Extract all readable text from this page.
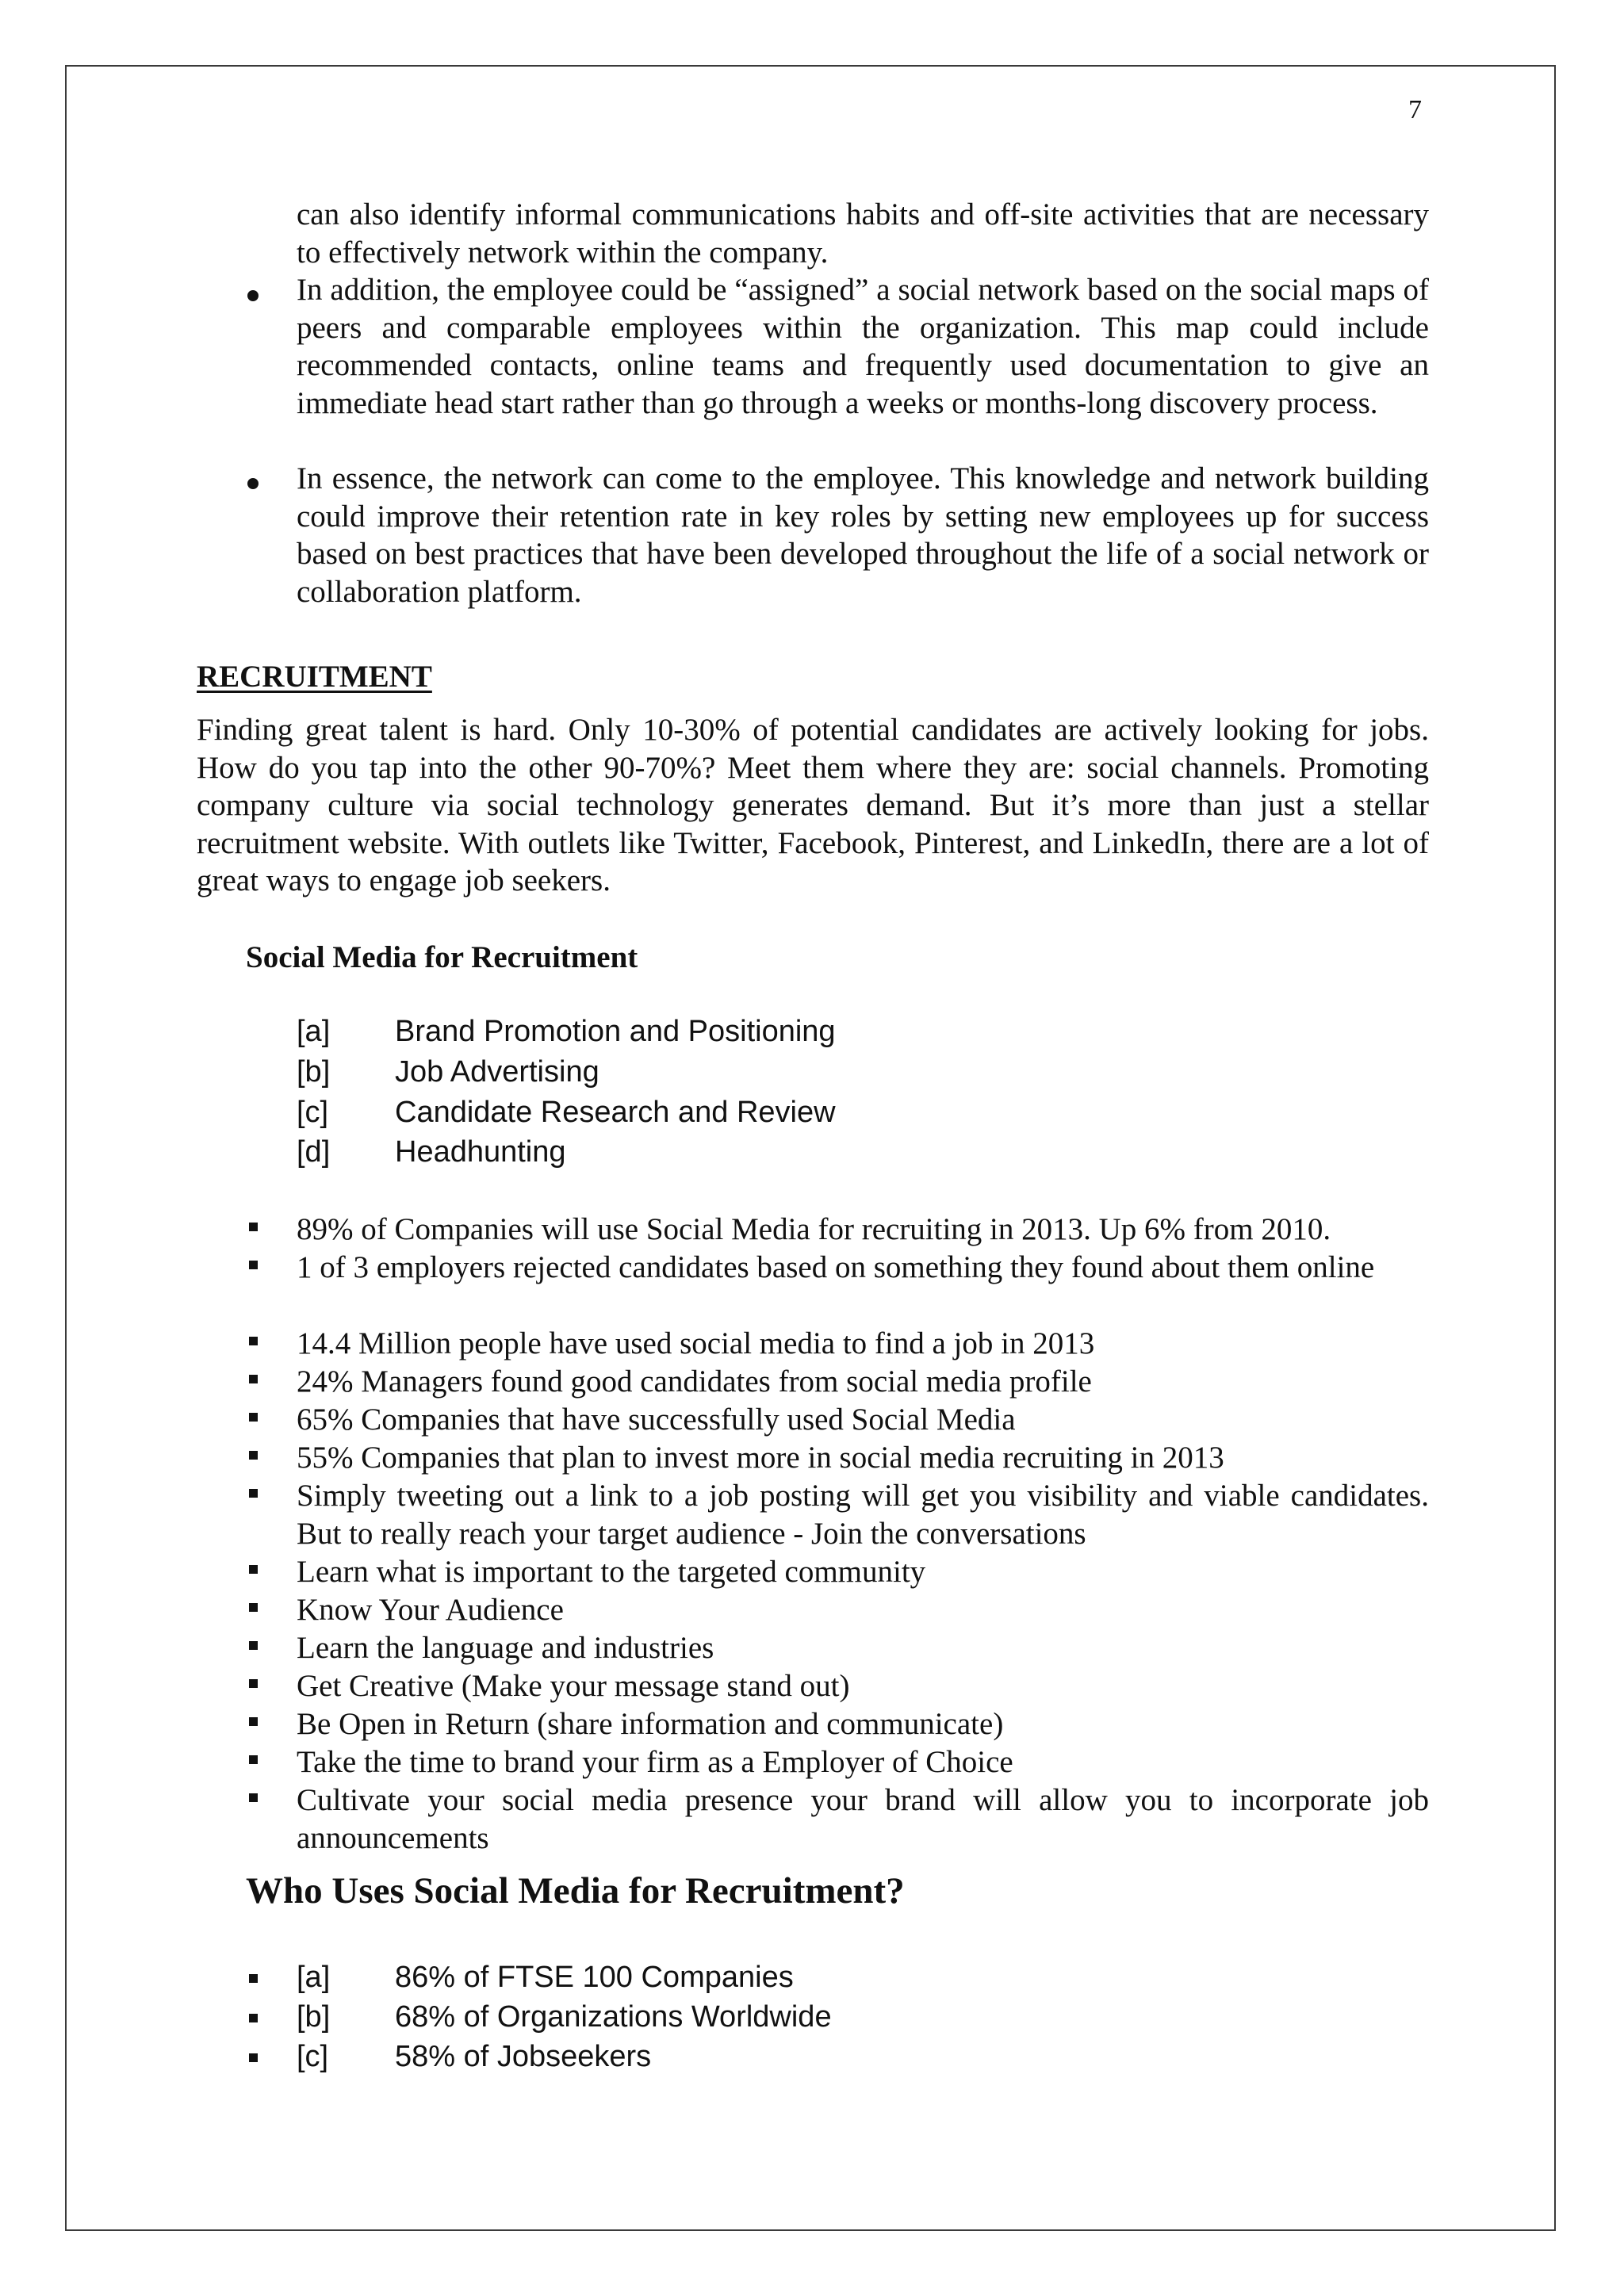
7
can also identify informal communications habits and off-site activities that are necessary to effectively network within the company.
In addition, the employee could be “assigned” a social network based on the social maps of peers and comparable employees within the organization. This map could include recommended contacts, online teams and frequently used documentation to give an immediate head start rather than go through a weeks or months-long discovery process.
In essence, the network can come to the employee. This knowledge and network building could improve their retention rate in key roles by setting new employees up for success based on best practices that have been developed throughout the life of a social network or collaboration platform.
RECRUITMENT
Finding great talent is hard. Only 10-30% of potential candidates are actively looking for jobs. How do you tap into the other 90-70%? Meet them where they are: social channels. Promoting company culture via social technology generates demand. But it’s more than just a stellar recruitment website. With outlets like Twitter, Facebook, Pinterest, and LinkedIn, there are a lot of great ways to engage job seekers.
Social Media for Recruitment
[a] Brand Promotion and Positioning
[b] Job Advertising
[c] Candidate Research and Review
[d] Headhunting
89% of Companies will use Social Media for recruiting in 2013. Up 6% from 2010.
1 of 3 employers rejected candidates based on something they found about them online
14.4 Million people have used social media to find a job in 2013
24% Managers found good candidates from social media profile
65% Companies that have successfully used Social Media
55% Companies that plan to invest more in social media recruiting in 2013
Simply tweeting out a link to a job posting will get you visibility and viable candidates. But to really reach your target audience - Join the conversations
Learn what is important to the targeted community
Know Your Audience
Learn the language and industries
Get Creative (Make your message stand out)
Be Open in Return (share information and communicate)
Take the time to brand your firm as a Employer of Choice
Cultivate your social media presence your brand will allow you to incorporate job announcements
Who Uses Social Media for Recruitment?
[a] 86% of FTSE 100 Companies
[b] 68% of Organizations Worldwide
[c] 58% of Jobseekers
